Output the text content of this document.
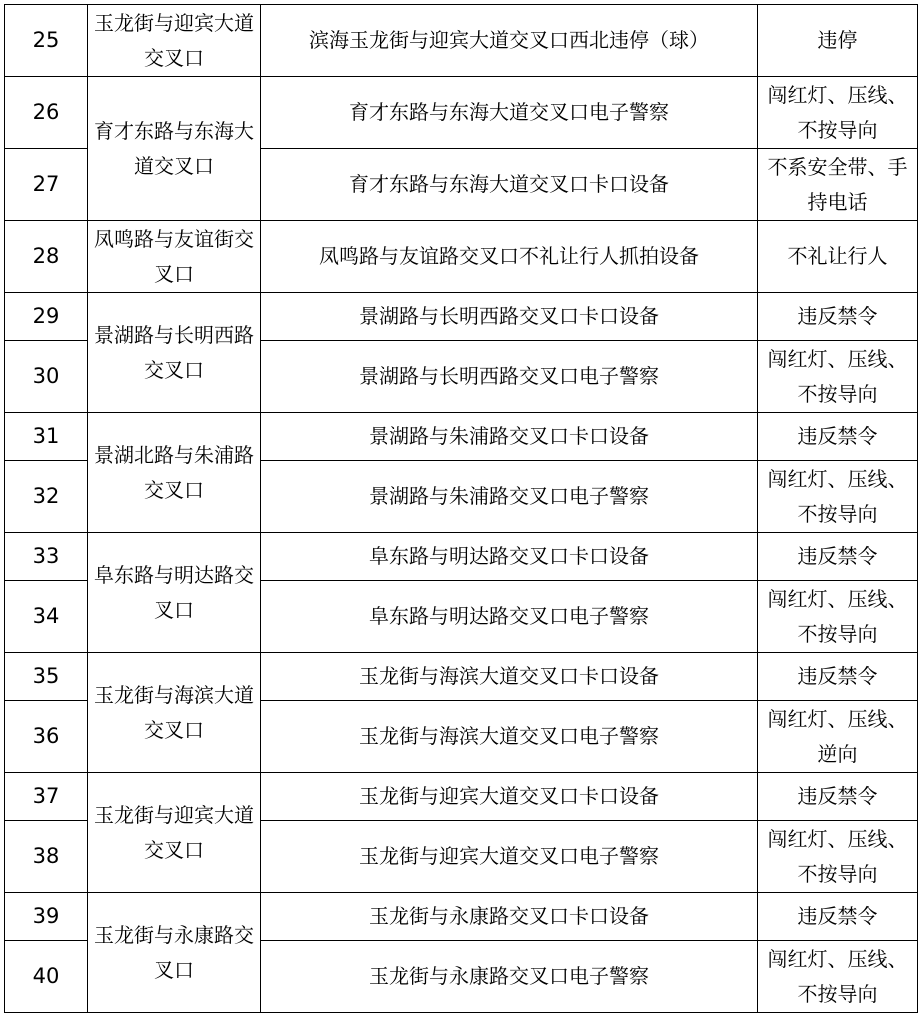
25	玉龙街与迎宾大道交叉口	滨海玉龙街与迎宾大道交叉口西北违停（球）	违停
26	育才东路与东海大道交叉口	育才东路与东海大道交叉口电子警察	闯红灯、压线、不按导向
27		育才东路与东海大道交叉口卡口设备	不系安全带、手持电话
28	凤鸣路与友谊街交叉口	凤鸣路与友谊路交叉口不礼让行人抓拍设备	不礼让行人
29	景湖路与长明西路交叉口	景湖路与长明西路交叉口卡口设备	违反禁令
30		景湖路与长明西路交叉口电子警察	闯红灯、压线、不按导向
31	景湖北路与朱浦路交叉口	景湖路与朱浦路交叉口卡口设备	违反禁令
32		景湖路与朱浦路交叉口电子警察	闯红灯、压线、不按导向
33	阜东路与明达路交叉口	阜东路与明达路交叉口卡口设备	违反禁令
34		阜东路与明达路交叉口电子警察	闯红灯、压线、不按导向
35	玉龙街与海滨大道交叉口	玉龙街与海滨大道交叉口卡口设备	违反禁令
36		玉龙街与海滨大道交叉口电子警察	闯红灯、压线、逆向
37	玉龙街与迎宾大道交叉口	玉龙街与迎宾大道交叉口卡口设备	违反禁令
38		玉龙街与迎宾大道交叉口电子警察	闯红灯、压线、不按导向
39	玉龙街与永康路交叉口	玉龙街与永康路交叉口卡口设备	违反禁令
40		玉龙街与永康路交叉口电子警察	闯红灯、压线、不按导向
